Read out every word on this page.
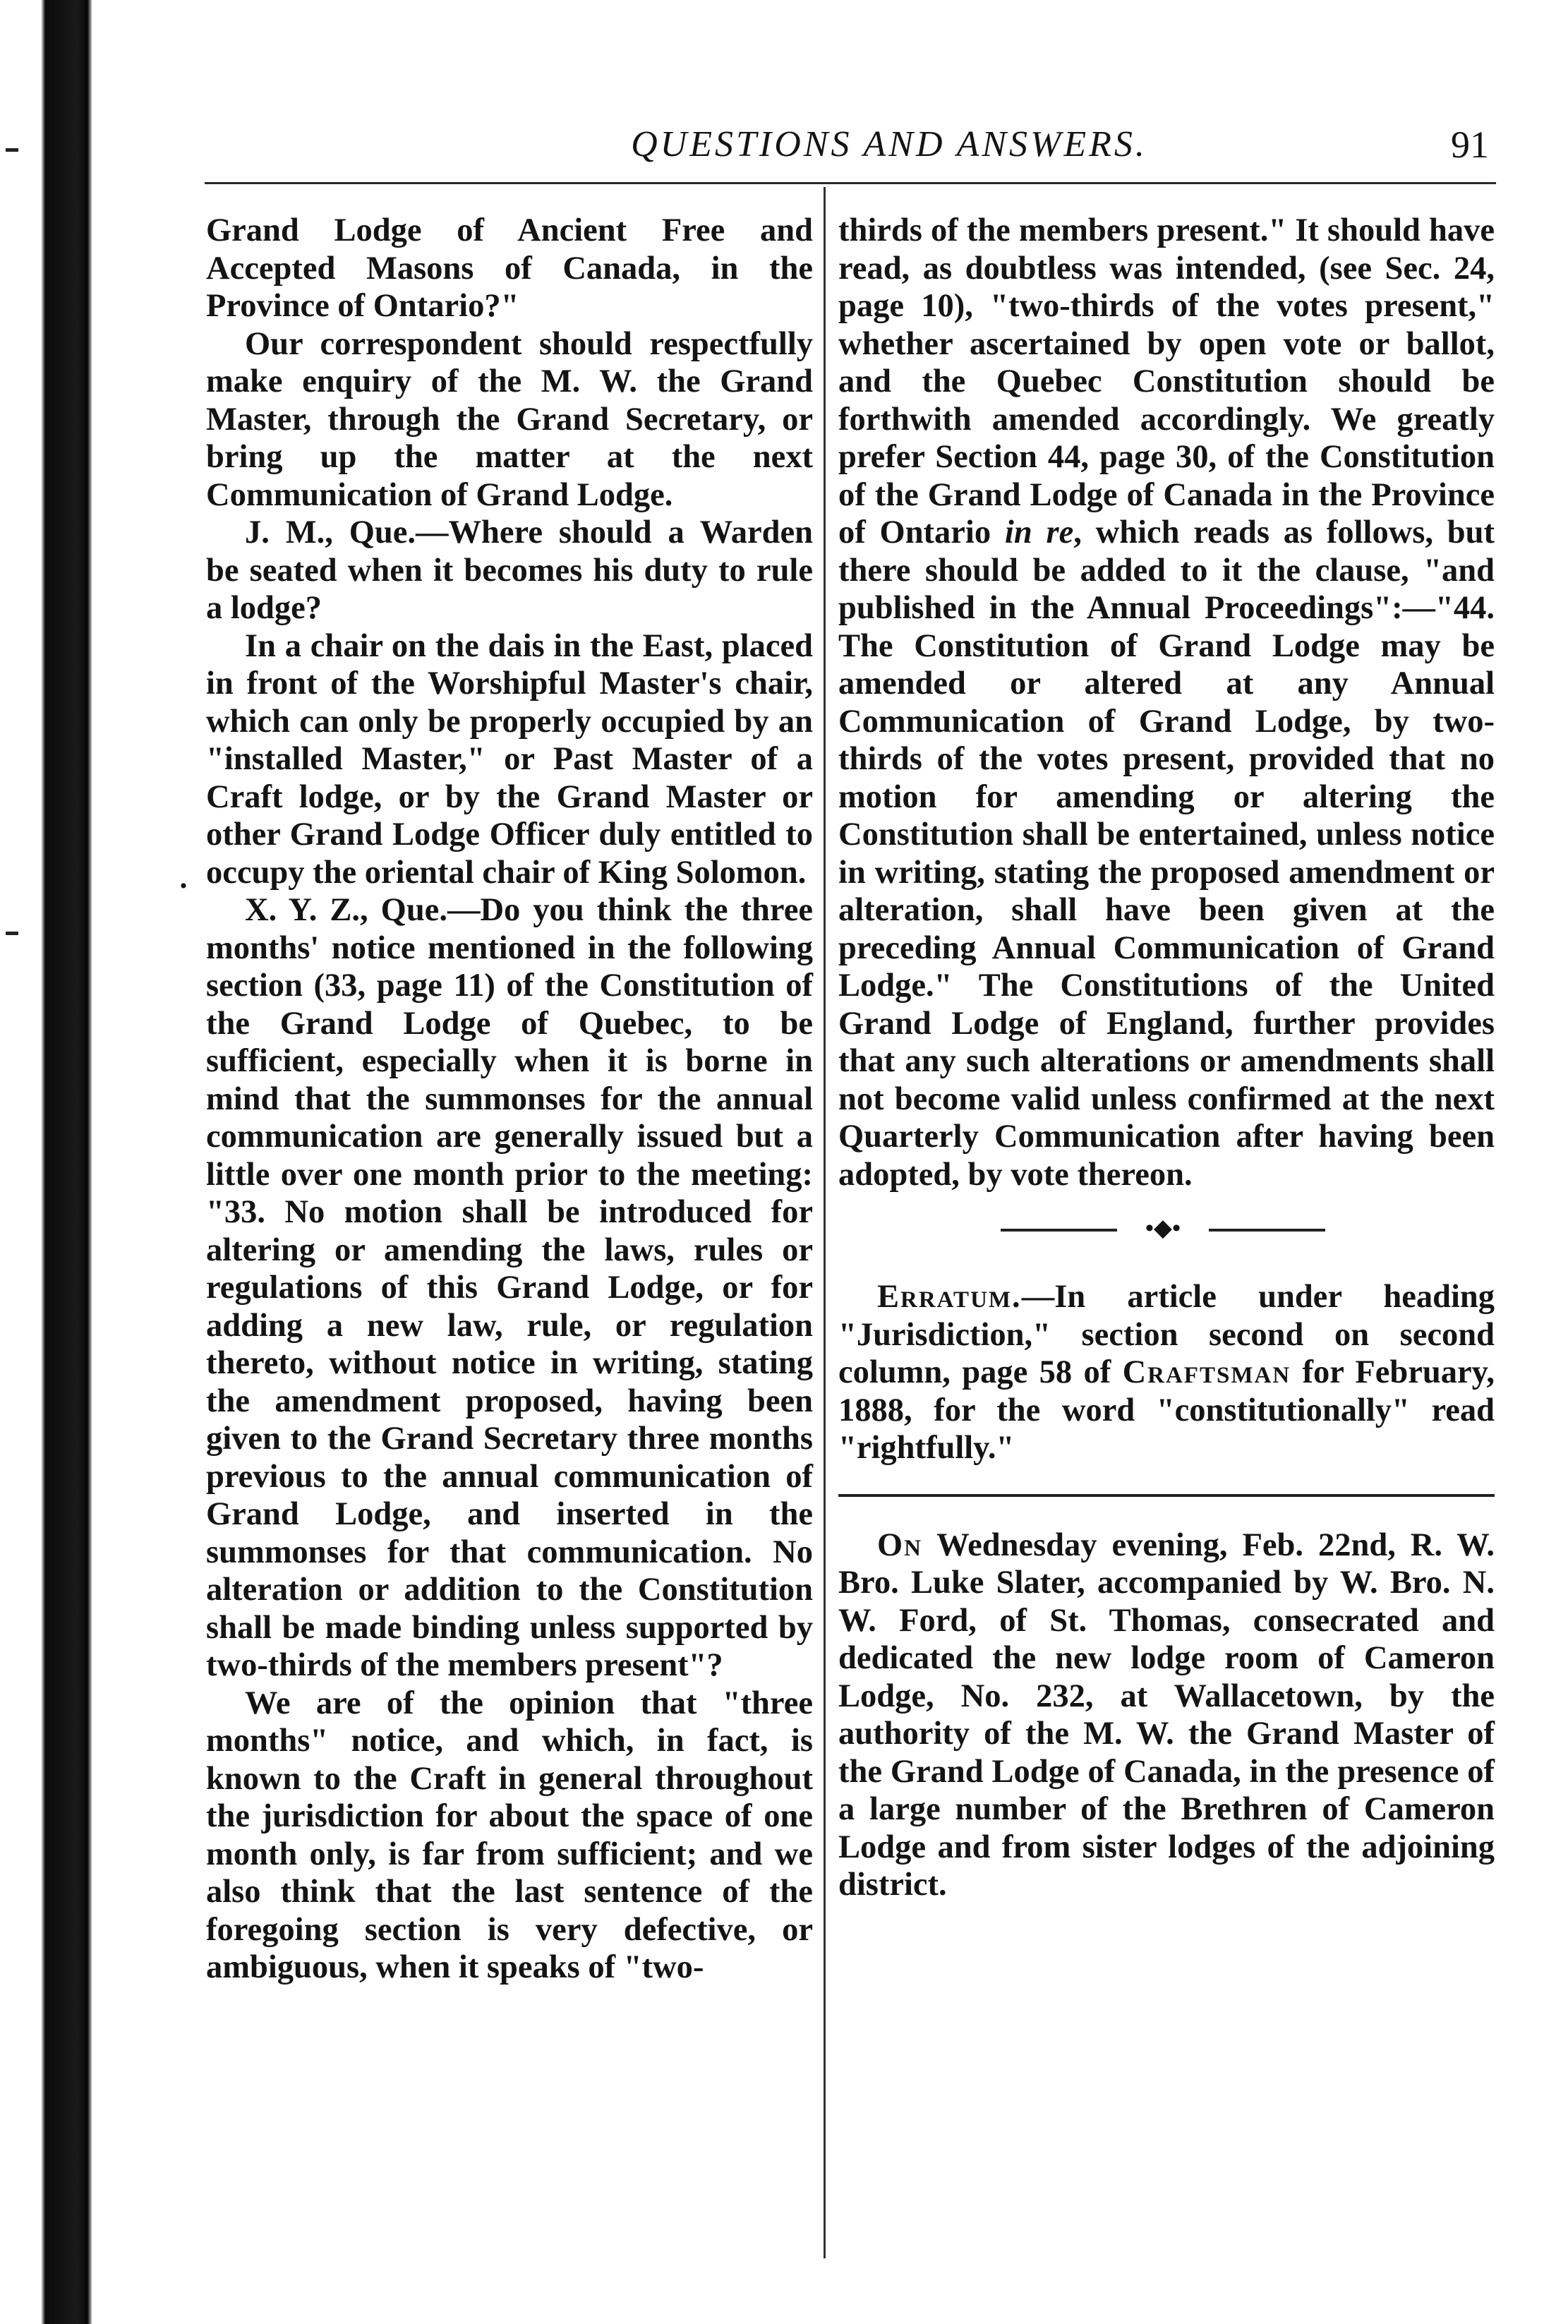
QUESTIONS AND ANSWERS.	91
·

Grand Lodge of Ancient Free and Accepted Masons of Canada, in the Province of Ontario?"

Our correspondent should respectfully make enquiry of the M. W. the Grand Master, through the Grand Secretary, or bring up the matter at the next Communication of Grand Lodge.

J. M., Que.—Where should a Warden be seated when it becomes his duty to rule a lodge?

In a chair on the dais in the East, placed in front of the Worshipful Master's chair, which can only be properly occupied by an "installed Master," or Past Master of a Craft lodge, or by the Grand Master or other Grand Lodge Officer duly entitled to occupy the oriental chair of King Solomon.

X. Y. Z., Que.—Do you think the three months' notice mentioned in the following section (33, page 11) of the Constitution of the Grand Lodge of Quebec, to be sufficient, especially when it is borne in mind that the summonses for the annual communication are generally issued but a little over one month prior to the meeting: "33. No motion shall be introduced for altering or amending the laws, rules or regulations of this Grand Lodge, or for adding a new law, rule, or regulation thereto, without notice in writing, stating the amendment proposed, having been given to the Grand Secretary three months previous to the annual communication of Grand Lodge, and inserted in the summonses for that communication. No alteration or addition to the Constitution shall be made binding unless supported by two-thirds of the members present"?

We are of the opinion that "three months" notice, and which, in fact, is known to the Craft in general throughout the jurisdiction for about the space of one month only, is far from sufficient; and we also think that the last sentence of the foregoing section is very defective, or ambiguous, when it speaks of "two-

thirds of the members present." It should have read, as doubtless was intended, (see Sec. 24, page 10), "two-thirds of the votes present," whether ascertained by open vote or ballot, and the Quebec Constitution should be forthwith amended accordingly. We greatly prefer Section 44, page 30, of the Constitution of the Grand Lodge of Canada in the Province of Ontario in re, which reads as follows, but there should be added to it the clause, "and published in the Annual Proceedings":—"44. The Constitution of Grand Lodge may be amended or altered at any Annual Communication of Grand Lodge, by two-thirds of the votes present, provided that no motion for amending or altering the Constitution shall be entertained, unless notice in writing, stating the proposed amendment or alteration, shall have been given at the preceding Annual Communication of Grand Lodge." The Constitutions of the United Grand Lodge of England, further provides that any such alterations or amendments shall not become valid unless confirmed at the next Quarterly Communication after having been adopted, by vote thereon.

•◆•

Erratum.—In article under heading "Jurisdiction," section second on second column, page 58 of Craftsman for February, 1888, for the word "constitutionally" read "rightfully."

On Wednesday evening, Feb. 22nd, R. W. Bro. Luke Slater, accompanied by W. Bro. N. W. Ford, of St. Thomas, consecrated and dedicated the new lodge room of Cameron Lodge, No. 232, at Wallacetown, by the authority of the M. W. the Grand Master of the Grand Lodge of Canada, in the presence of a large number of the Brethren of Cameron Lodge and from sister lodges of the adjoining district.
